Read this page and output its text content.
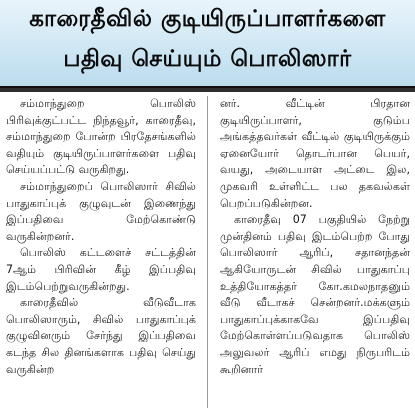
காரைதீவில் குடியிருப்பாளர்களை
பதிவு செய்யும் பொலிஸார்

சம்மாந்துறை பொலிஸ் பிரிவுக்குட்பட்ட நிந்தவூர், காரைதீவு, சம்மாந்துறை போன்ற பிரதேசங்களில் வதியும் குடியிருப்பாளர்களை பதிவு செய்யப்பட்டு வருகிறது.

சம்மாந்துறைப் பொலிஸார் சிவில் பாதுகாப்புக் குழுவுடன் இணைந்து இப்பதிவை மேற்கொண்டு வருகின்றனர்.

பொலிஸ் கட்டளைச் சட்டத்தின் 7ஆம் பிரிவின் கீழ் இப்பதிவு இடம்பெற்றுவருகின்றது.

காரைதீவில் வீடுவீடாக பொலிஸாரும், சிவில் பாதுகாப்புக் குழுவினரும் சேர்ந்து இப்பதிவை கடந்த சில தினங்களாக பதிவு செய்து வருகின்ற

னர். வீட்டின் பிரதான குடியிருப்பாளர், குடும்ப அங்கத்தவர்கள் வீட்டில் குடியிருக்கும் ஏனையோர் தொடர்பான பெயர், வயது, அடையாள அட்டை இல, முகவரி உள்ளிட்ட பல தகவல்கள் பெறப்படுகின்றன.

காரைதீவு 07 பகுதியில் நேற்று முன்தினம் பதிவு இடம்பெற்ற போது பொலிஸார் ஆரிப், சதானந்தன் ஆகியோருடன் சிவில் பாதுகாப்பு உத்தியோகத்தர் கோ.கமலநாதனும் வீடு வீடாகச் சென்றனர்.மக்களும் பாதுகாப்புக்காகவே இப்பதிவு மேற்கொள்ளப்படுவதாக பொலிஸ் அலுவலர் ஆரிப் எமது நிருபரிடம் கூறினார்
